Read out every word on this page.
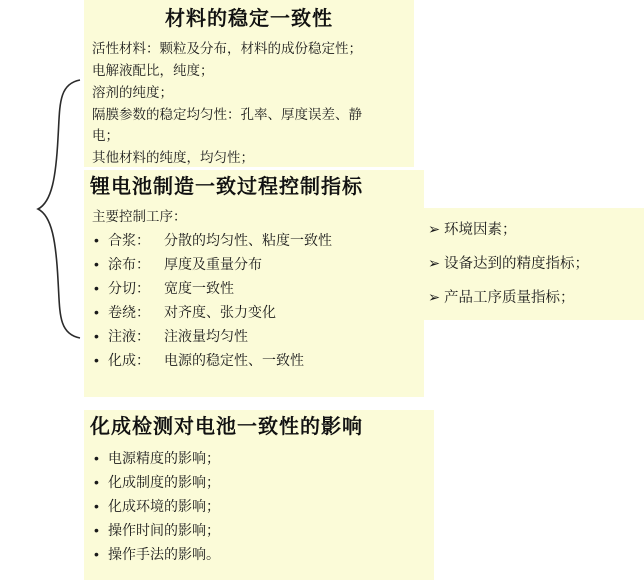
材料的稳定一致性
活性材料：颗粒及分布，材料的成份稳定性；
电解液配比，纯度；
溶剂的纯度；
隔膜参数的稳定均匀性：孔率、厚度误差、静
电；
其他材料的纯度，均匀性；
锂电池制造一致过程控制指标
主要控制工序：
• 合浆： 分散的均匀性、粘度一致性
• 涂布： 厚度及重量分布
• 分切： 宽度一致性
• 卷绕： 对齐度、张力变化
• 注液： 注液量均匀性
• 化成： 电源的稳定性、一致性
化成检测对电池一致性的影响
• 电源精度的影响；
• 化成制度的影响；
• 化成环境的影响；
• 操作时间的影响；
• 操作手法的影响。
➢ 环境因素；
➢ 设备达到的精度指标；
➢ 产品工序质量指标；
